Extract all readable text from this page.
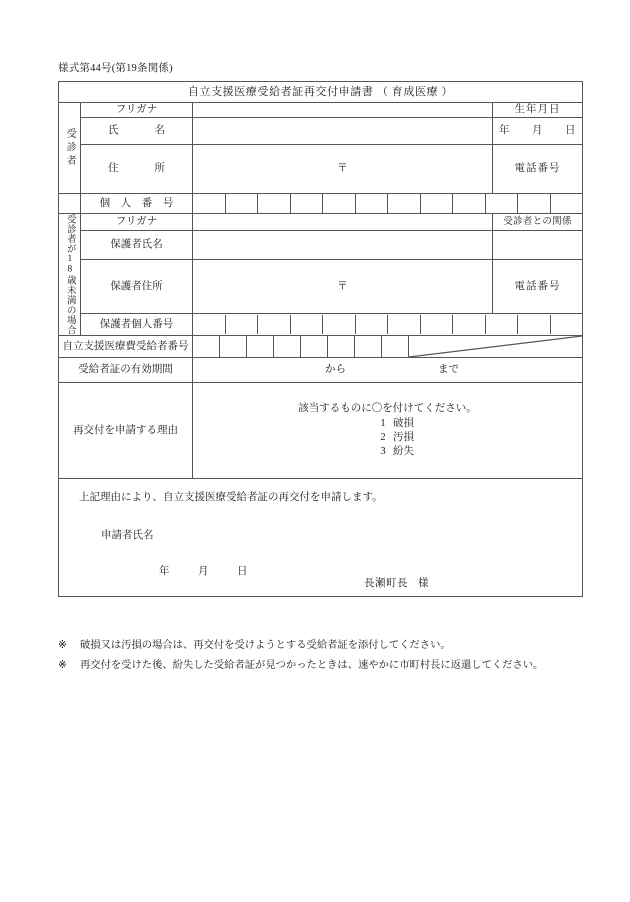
様式第44号(第19条関係)
自立支援医療受給者証再交付申請書 （ 育成医療 ）			
受診者	フリガナ		生年月日
	氏　　名		年 月 日
	住　　所	〒	電話番号
	個 人 番 号		

受診者が18歳未満の場合	フリガナ		受診者との関係
	保護者氏名		
	保護者住所	〒	電話番号
	保護者個人番号		

自立支援医療費受給者番号	

受給者証の有効期間		から まで	

再交付を申請する理由		該当するものに〇を付けてください。
1 破損
2 汚損
3 紛失	

上記理由により、自立支援医療受給者証の再交付を申請します。
申請者氏名
年 月 日
長瀬町長 様			
※ 破損又は汚損の場合は、再交付を受けようとする受給者証を添付してください。
※ 再交付を受けた後、紛失した受給者証が見つかったときは、速やかに市町村長に返還してください。
